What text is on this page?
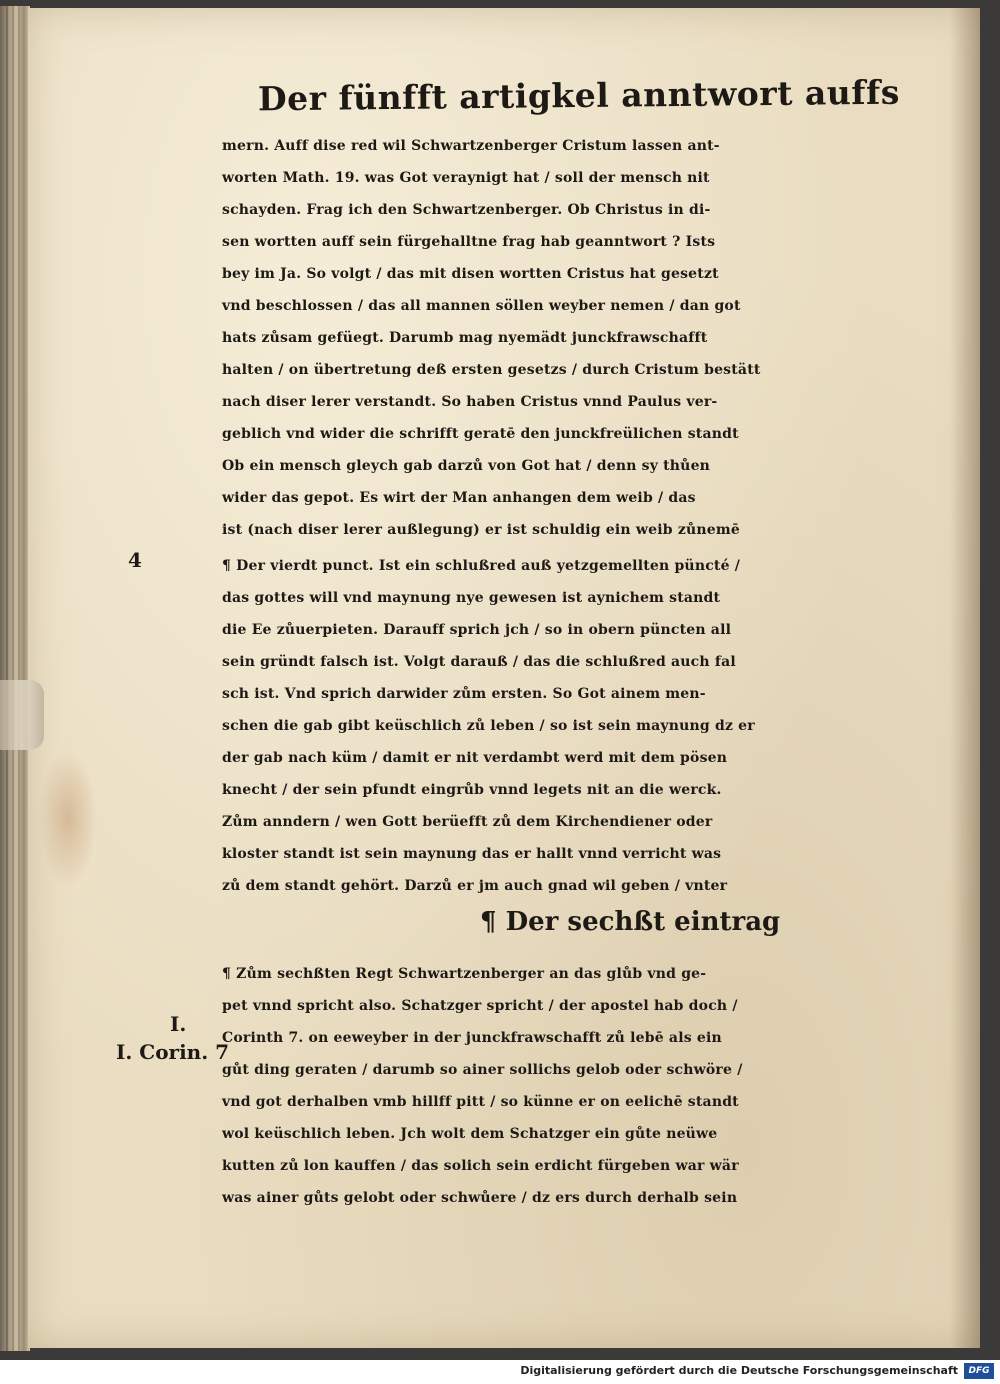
Der fünfft artigkel anntwort auffs
mern. Auff dise red wil Schwartzenberger Cristum lassen ant-
worten Math. 19. was Got veraynigt hat / soll der mensch nit
schayden. Frag ich den Schwartzenberger. Ob Christus in di-
sen wortten auff sein fürgehalltne frag hab geanntwort ? Ists
bey im Ja. So volgt / das mit disen wortten Cristus hat gesetzt
vnd beschlossen / das all mannen söllen weyber nemen / dan got
hats zůsam gefüegt. Darumb mag nyemädt junckfrawschafft
halten / on übertretung deß ersten gesetzs / durch Cristum bestätt
nach diser lerer verstandt. So haben Cristus vnnd Paulus ver-
geblich vnd wider die schrifft geratē den junckfreülichen standt
Ob ein mensch gleych gab darzů von Got hat / denn sy thůen
wider das gepot. Es wirt der Man anhangen dem weib / das
ist (nach diser lerer außlegung) er ist schuldig ein weib zůnemē
¶ Der vierdt punct. Ist ein schlußred auß yetzgemellten püncté /
das gottes will vnd maynung nye gewesen ist aynichem standt
die Ee zůuerpieten. Darauff sprich jch / so in obern püncten all
sein gründt falsch ist. Volgt darauß / das die schlußred auch fal
sch ist. Vnd sprich darwider zům ersten. So Got ainem men-
schen die gab gibt keüschlich zů leben / so ist sein maynung dz er
der gab nach küm / damit er nit verdambt werd mit dem pösen
knecht / der sein pfundt eingrůb vnnd legets nit an die werck.
Zům anndern / wen Gott berüefft zů dem Kirchendiener oder
kloster standt ist sein maynung das er hallt vnnd verricht was
zů dem standt gehört. Darzů er jm auch gnad wil geben / vnter
¶ Der sechßt eintrag
¶ Zům sechßten Regt Schwartzenberger an das glůb vnd ge-
pet vnnd spricht also. Schatzger spricht / der apostel hab doch /
Corinth 7. on eeweyber in der junckfrawschafft zů lebē als ein
gůt ding geraten / darumb so ainer sollichs gelob oder schwöre /
vnd got derhalben vmb hillff pitt / so künne er on eelichē standt
wol keüschlich leben. Jch wolt dem Schatzger ein gůte neüwe
kutten zů lon kauffen / das solich sein erdicht fürgeben war wär
was ainer gůts gelobt oder schwůere / dz ers durch derhalb sein
4
I.
I. Corin. 7
Digitalisierung gefördert durch die Deutsche Forschungsgemeinschaft	DFG
